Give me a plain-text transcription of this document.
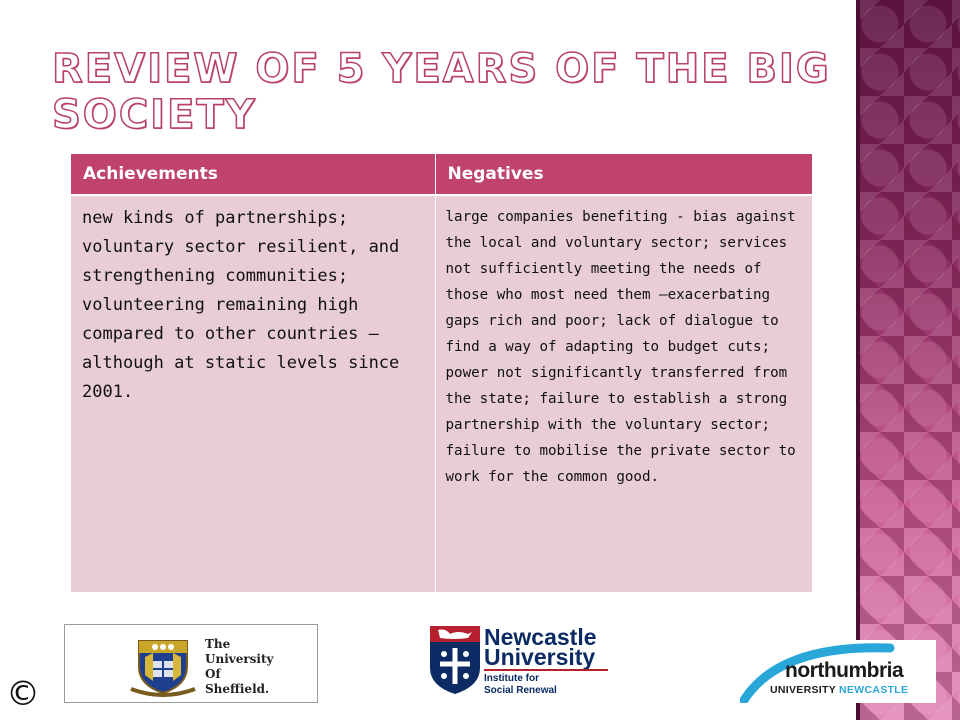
REVIEW OF 5 YEARS OF THE BIG SOCIETY
Achievements	Negatives
new kinds of partnerships; voluntary sector resilient, and strengthening communities; volunteering remaining high compared to other countries – although at static levels since 2001.	large companies benefiting - bias against the local and voluntary sector; services not sufficiently meeting the needs of those who most need them –exacerbating gaps rich and poor; lack of dialogue to find a way of adapting to budget cuts; power not significantly transferred from the state; failure to establish a strong partnership with the voluntary sector; failure to mobilise the private sector to work for the common good.
The
University
Of
Sheffield.
Newcastle
University
Institute for
Social Renewal
northumbria
UNIVERSITY NEWCASTLE
©
